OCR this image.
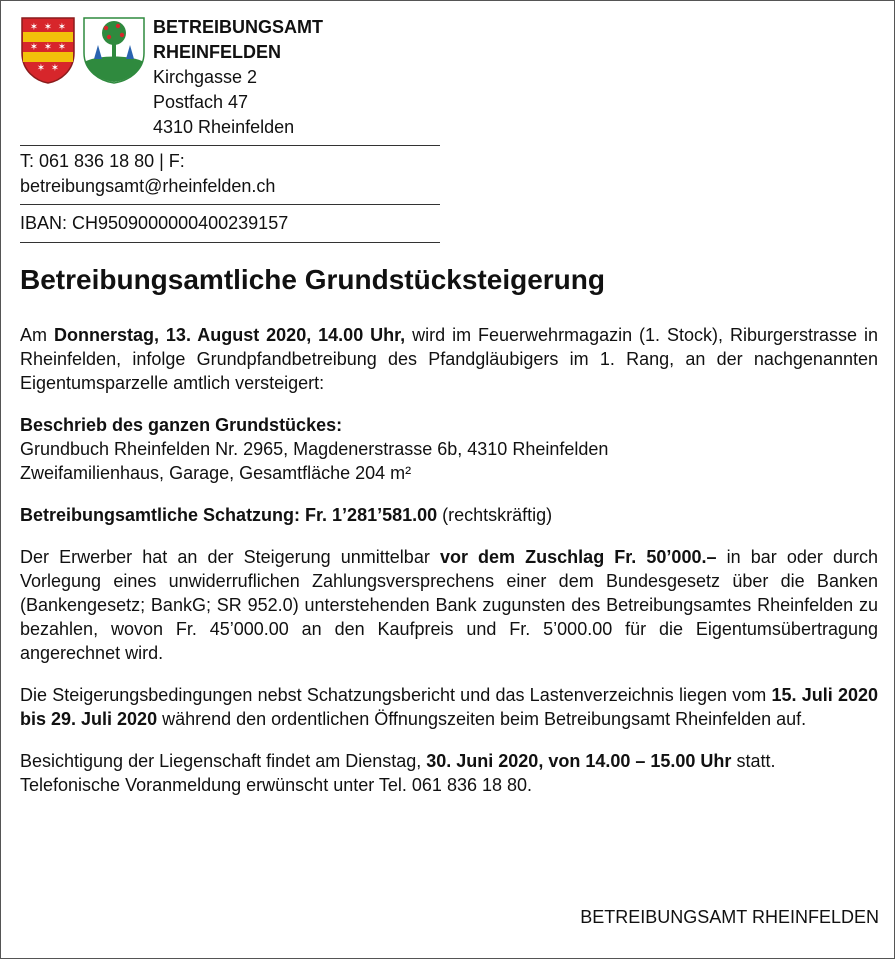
✶ ✶ ✶
✶ ✶ ✶
✶ ✶
BETREIBUNGSAMT
RHEINFELDEN
Kirchgasse 2
Postfach 47
4310 Rheinfelden
T: 061 836 18 80 | F:
betreibungsamt@rheinfelden.ch
IBAN: CH9509000000400239157
Betreibungsamtliche Grundstücksteigerung

Am Donnerstag, 13. August 2020, 14.00 Uhr, wird im Feuerwehrmagazin (1. Stock), Riburgerstrasse in Rheinfelden, infolge Grundpfandbetreibung des Pfandgläubigers im 1. Rang, an der nachgenannten Eigentumsparzelle amtlich versteigert:

Beschrieb des ganzen Grundstückes:
Grundbuch Rheinfelden Nr. 2965, Magdenerstrasse 6b, 4310 Rheinfelden
Zweifamilienhaus, Garage, Gesamtfläche 204 m²

Betreibungsamtliche Schatzung: Fr. 1’281’581.00 (rechtskräftig)

Der Erwerber hat an der Steigerung unmittelbar vor dem Zuschlag Fr. 50’000.– in bar oder durch Vorlegung eines unwiderruflichen Zahlungsversprechens einer dem Bundesgesetz über die Banken (Bankengesetz; BankG; SR 952.0) unterstehenden Bank zugunsten des Betreibungsamtes Rheinfelden zu bezahlen, wovon Fr. 45’000.00 an den Kaufpreis und Fr. 5’000.00 für die Eigentumsübertragung angerechnet wird.

Die Steigerungsbedingungen nebst Schatzungsbericht und das Lastenverzeichnis liegen vom 15. Juli 2020 bis 29. Juli 2020 während den ordentlichen Öffnungszeiten beim Betreibungsamt Rheinfelden auf.

Besichtigung der Liegenschaft findet am Dienstag, 30. Juni 2020, von 14.00 – 15.00 Uhr statt.
Telefonische Voranmeldung erwünscht unter Tel. 061 836 18 80.

BETREIBUNGSAMT RHEINFELDEN
